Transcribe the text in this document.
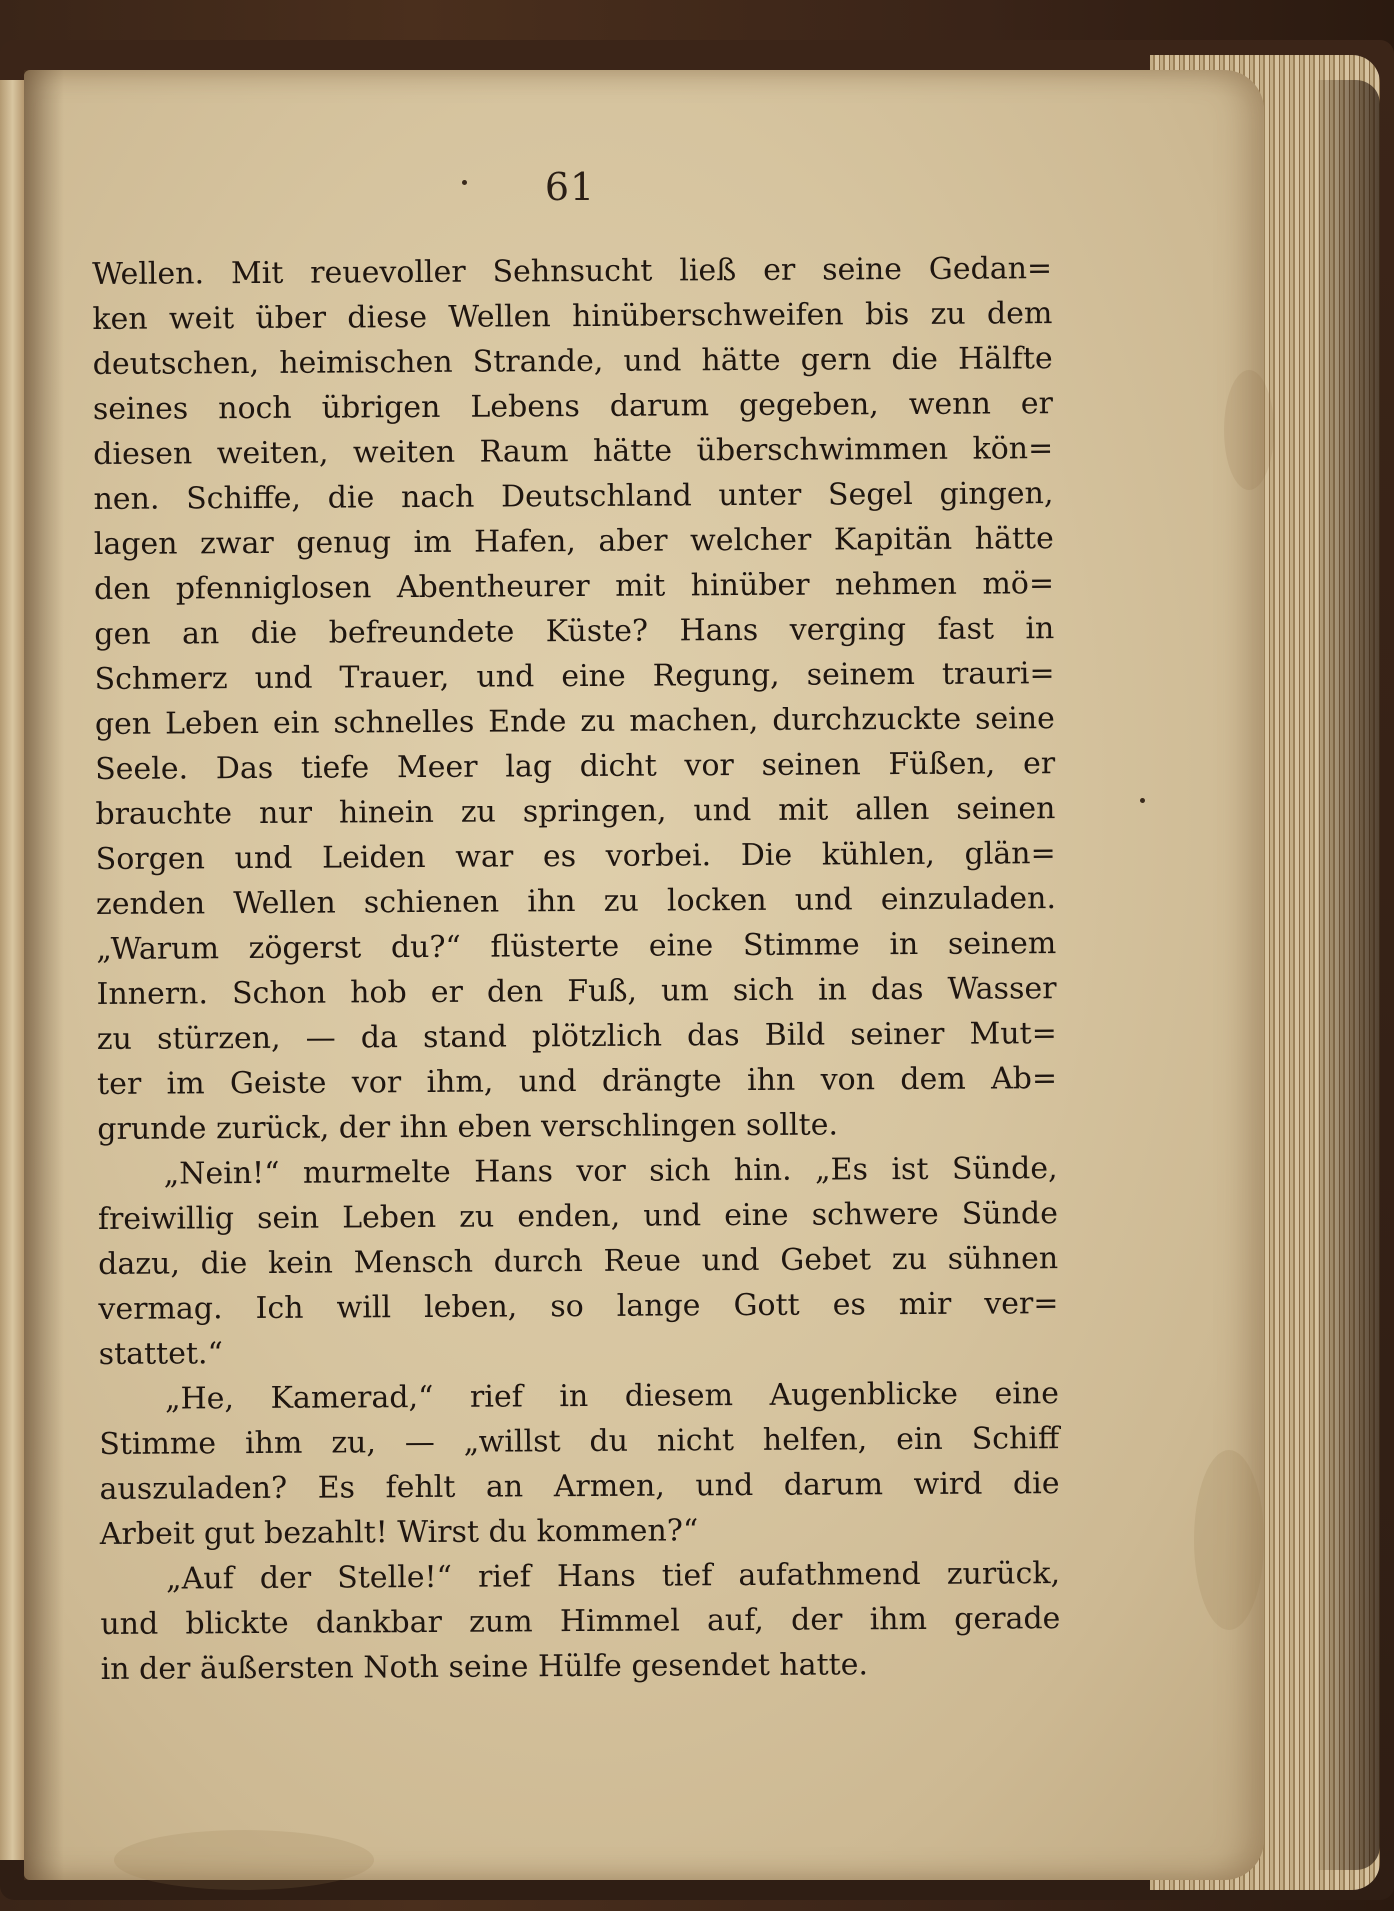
61
Wellen. Mit reuevoller Sehnsucht ließ er seine Gedan=
ken weit über diese Wellen hinüberschweifen bis zu dem
deutschen, heimischen Strande, und hätte gern die Hälfte
seines noch übrigen Lebens darum gegeben, wenn er
diesen weiten, weiten Raum hätte überschwimmen kön=
nen. Schiffe, die nach Deutschland unter Segel gingen,
lagen zwar genug im Hafen, aber welcher Kapitän hätte
den pfenniglosen Abentheurer mit hinüber nehmen mö=
gen an die befreundete Küste? Hans verging fast in
Schmerz und Trauer, und eine Regung, seinem trauri=
gen Leben ein schnelles Ende zu machen, durchzuckte seine
Seele. Das tiefe Meer lag dicht vor seinen Füßen, er
brauchte nur hinein zu springen, und mit allen seinen
Sorgen und Leiden war es vorbei. Die kühlen, glän=
zenden Wellen schienen ihn zu locken und einzuladen.
„Warum zögerst du?“ flüsterte eine Stimme in seinem
Innern. Schon hob er den Fuß, um sich in das Wasser
zu stürzen, — da stand plötzlich das Bild seiner Mut=
ter im Geiste vor ihm, und drängte ihn von dem Ab=
grunde zurück, der ihn eben verschlingen sollte.
„Nein!“ murmelte Hans vor sich hin. „Es ist Sünde,
freiwillig sein Leben zu enden, und eine schwere Sünde
dazu, die kein Mensch durch Reue und Gebet zu sühnen
vermag. Ich will leben, so lange Gott es mir ver=
stattet.“
„He, Kamerad,“ rief in diesem Augenblicke eine
Stimme ihm zu, — „willst du nicht helfen, ein Schiff
auszuladen? Es fehlt an Armen, und darum wird die
Arbeit gut bezahlt! Wirst du kommen?“
„Auf der Stelle!“ rief Hans tief aufathmend zurück,
und blickte dankbar zum Himmel auf, der ihm gerade
in der äußersten Noth seine Hülfe gesendet hatte.
